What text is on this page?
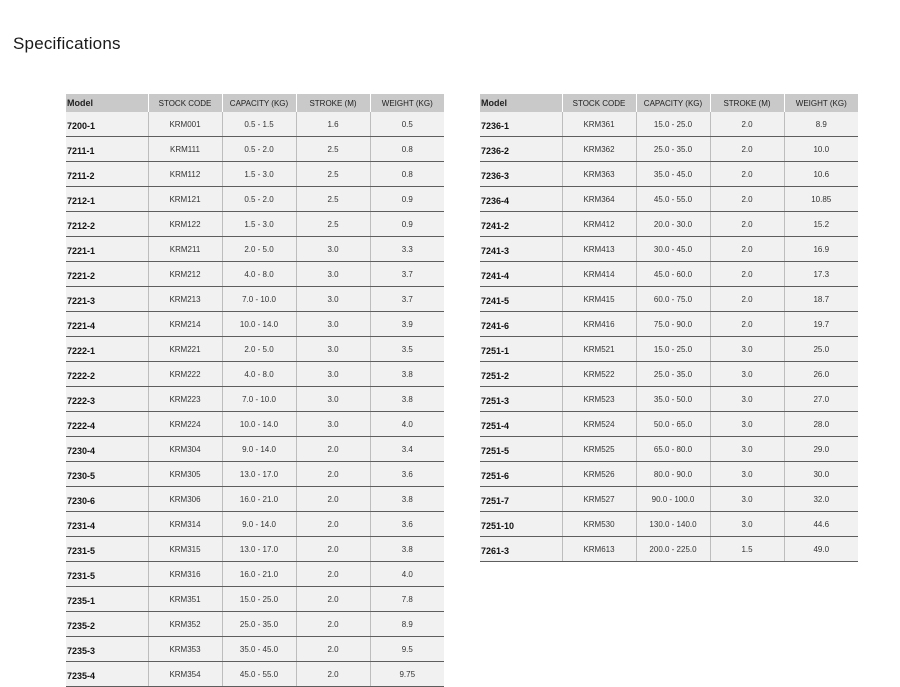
Specifications
Model	STOCK CODE	CAPACITY (KG)	STROKE (M)	WEIGHT (KG)
7200-1	KRM001	0.5 - 1.5	1.6	0.5
7211-1	KRM111	0.5 - 2.0	2.5	0.8
7211-2	KRM112	1.5 - 3.0	2.5	0.8
7212-1	KRM121	0.5 - 2.0	2.5	0.9
7212-2	KRM122	1.5 - 3.0	2.5	0.9
7221-1	KRM211	2.0 - 5.0	3.0	3.3
7221-2	KRM212	4.0 - 8.0	3.0	3.7
7221-3	KRM213	7.0 - 10.0	3.0	3.7
7221-4	KRM214	10.0 - 14.0	3.0	3.9
7222-1	KRM221	2.0 - 5.0	3.0	3.5
7222-2	KRM222	4.0 - 8.0	3.0	3.8
7222-3	KRM223	7.0 - 10.0	3.0	3.8
7222-4	KRM224	10.0 - 14.0	3.0	4.0
7230-4	KRM304	9.0 - 14.0	2.0	3.4
7230-5	KRM305	13.0 - 17.0	2.0	3.6
7230-6	KRM306	16.0 - 21.0	2.0	3.8
7231-4	KRM314	9.0 - 14.0	2.0	3.6
7231-5	KRM315	13.0 - 17.0	2.0	3.8
7231-5	KRM316	16.0 - 21.0	2.0	4.0
7235-1	KRM351	15.0 - 25.0	2.0	7.8
7235-2	KRM352	25.0 - 35.0	2.0	8.9
7235-3	KRM353	35.0 - 45.0	2.0	9.5
7235-4	KRM354	45.0 - 55.0	2.0	9.75
Model	STOCK CODE	CAPACITY (KG)	STROKE (M)	WEIGHT (KG)
7236-1	KRM361	15.0 - 25.0	2.0	8.9
7236-2	KRM362	25.0 - 35.0	2.0	10.0
7236-3	KRM363	35.0 - 45.0	2.0	10.6
7236-4	KRM364	45.0 - 55.0	2.0	10.85
7241-2	KRM412	20.0 - 30.0	2.0	15.2
7241-3	KRM413	30.0 - 45.0	2.0	16.9
7241-4	KRM414	45.0 - 60.0	2.0	17.3
7241-5	KRM415	60.0 - 75.0	2.0	18.7
7241-6	KRM416	75.0 - 90.0	2.0	19.7
7251-1	KRM521	15.0 - 25.0	3.0	25.0
7251-2	KRM522	25.0 - 35.0	3.0	26.0
7251-3	KRM523	35.0 - 50.0	3.0	27.0
7251-4	KRM524	50.0 - 65.0	3.0	28.0
7251-5	KRM525	65.0 - 80.0	3.0	29.0
7251-6	KRM526	80.0 - 90.0	3.0	30.0
7251-7	KRM527	90.0 - 100.0	3.0	32.0
7251-10	KRM530	130.0 - 140.0	3.0	44.6
7261-3	KRM613	200.0 - 225.0	1.5	49.0
